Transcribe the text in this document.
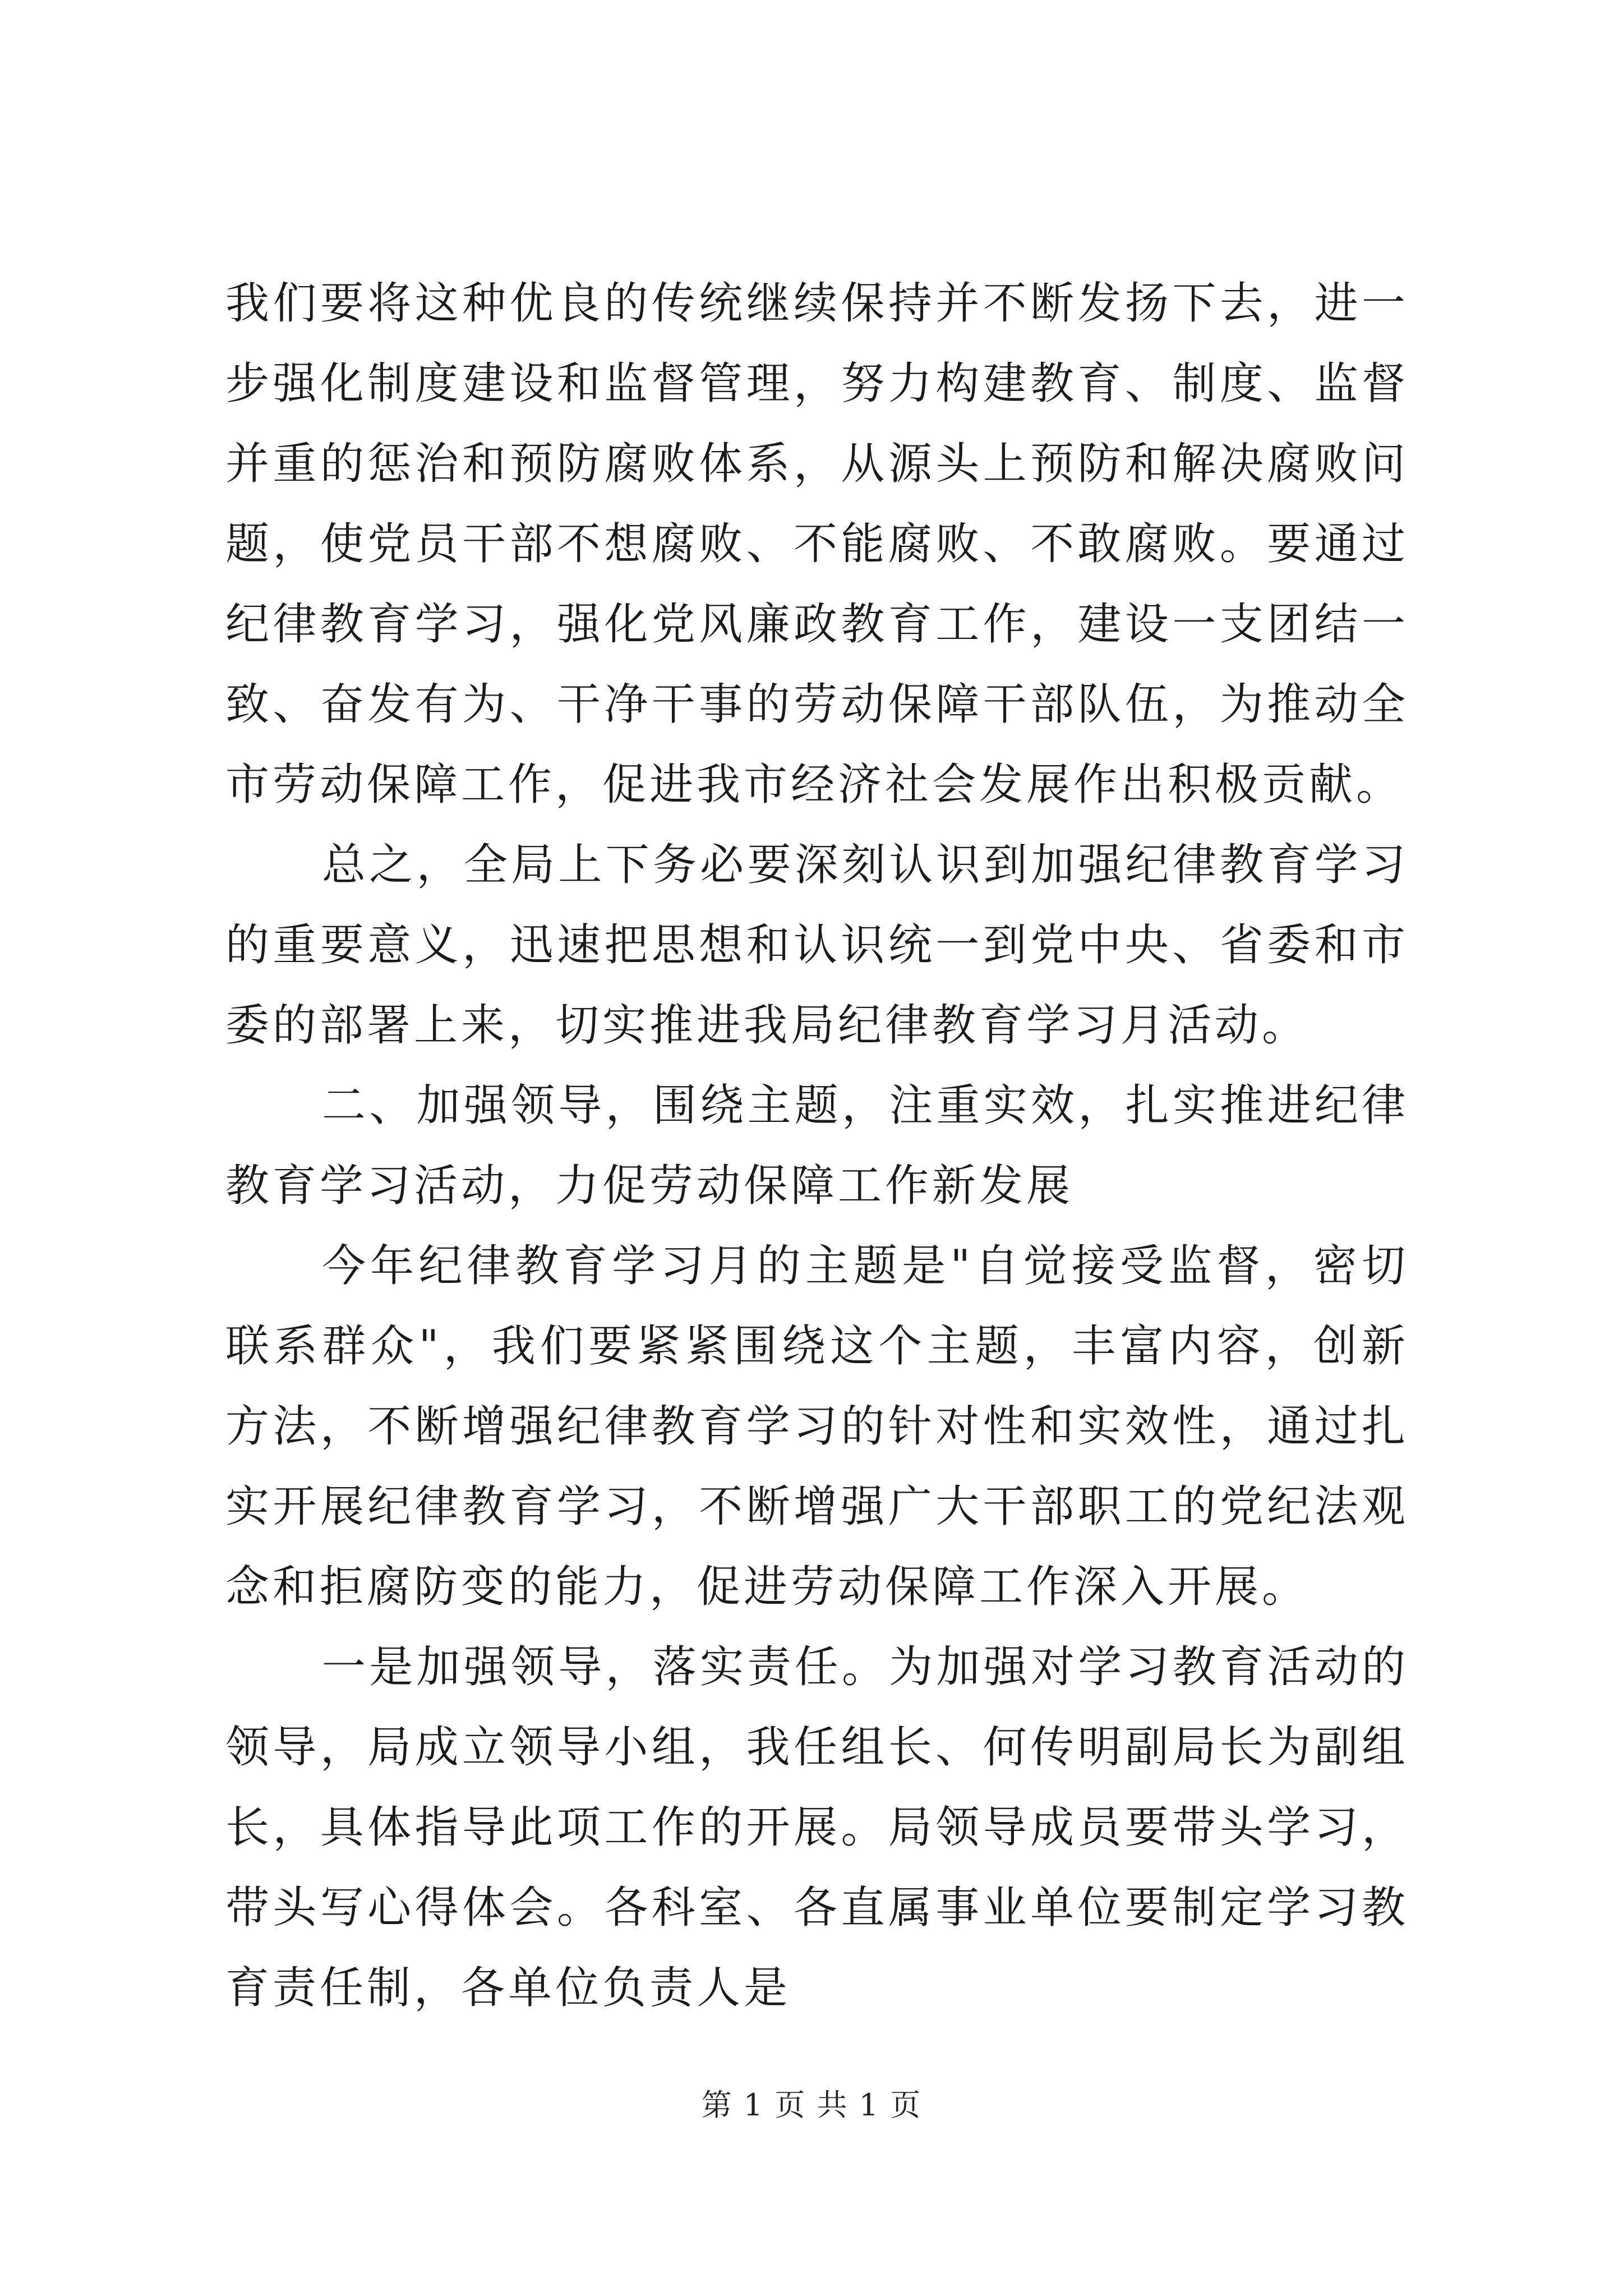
我们要将这种优良的传统继续保持并不断发扬下去，进一步强化制度建设和监督管理，努力构建教育、制度、监督并重的惩治和预防腐败体系，从源头上预防和解决腐败问题，使党员干部不想腐败、不能腐败、不敢腐败。要通过纪律教育学习，强化党风廉政教育工作，建设一支团结一致、奋发有为、干净干事的劳动保障干部队伍，为推动全市劳动保障工作，促进我市经济社会发展作出积极贡献。

总之，全局上下务必要深刻认识到加强纪律教育学习的重要意义，迅速把思想和认识统一到党中央、省委和市委的部署上来，切实推进我局纪律教育学习月活动。

二、加强领导，围绕主题，注重实效，扎实推进纪律教育学习活动，力促劳动保障工作新发展

今年纪律教育学习月的主题是"自觉接受监督，密切联系群众"，我们要紧紧围绕这个主题，丰富内容，创新方法，不断增强纪律教育学习的针对性和实效性，通过扎实开展纪律教育学习，不断增强广大干部职工的党纪法观念和拒腐防变的能力，促进劳动保障工作深入开展。

一是加强领导，落实责任。为加强对学习教育活动的领导，局成立领导小组，我任组长、何传明副局长为副组长，具体指导此项工作的开展。局领导成员要带头学习，带头写心得体会。各科室、各直属事业单位要制定学习教育责任制，各单位负责人是

第 1 页 共 1 页
